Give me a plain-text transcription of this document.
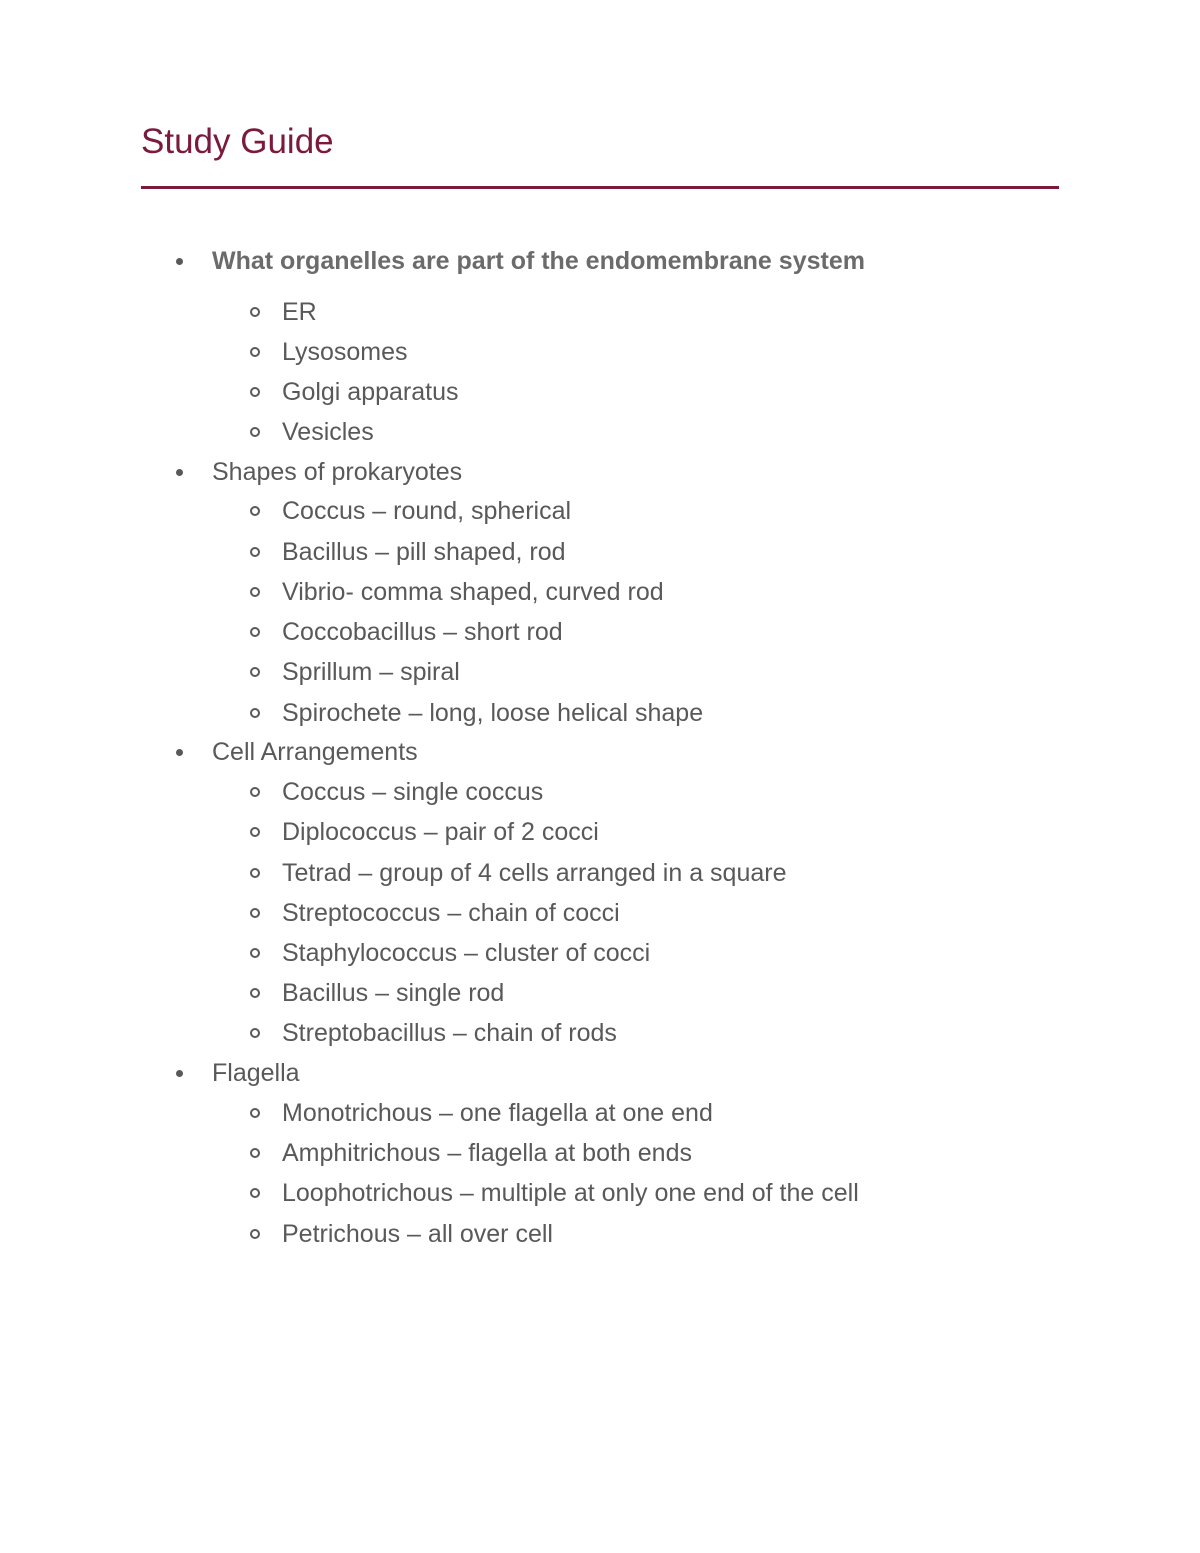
Study Guide
What organelles are part of the endomembrane system
ER
Lysosomes
Golgi apparatus
Vesicles
Shapes of prokaryotes
Coccus – round, spherical
Bacillus – pill shaped, rod
Vibrio- comma shaped, curved rod
Coccobacillus – short rod
Sprillum – spiral
Spirochete – long, loose helical shape
Cell Arrangements
Coccus – single coccus
Diplococcus – pair of 2 cocci
Tetrad – group of 4 cells arranged in a square
Streptococcus – chain of cocci
Staphylococcus – cluster of cocci
Bacillus – single rod
Streptobacillus – chain of rods
Flagella
Monotrichous – one flagella at one end
Amphitrichous – flagella at both ends
Loophotrichous – multiple at only one end of the cell
Petrichous – all over cell
